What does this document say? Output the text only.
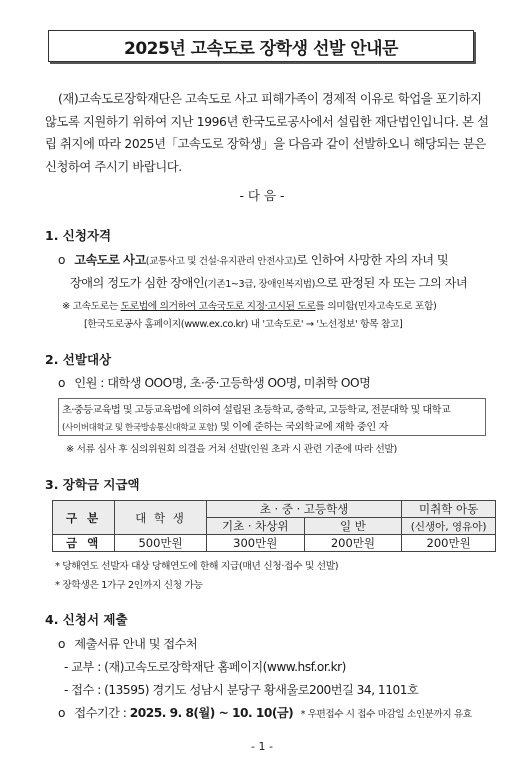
2025년 고속도로 장학생 선발 안내문
(재)고속도로장학재단은 고속도로 사고 피해가족이 경제적 이유로 학업을 포기하지 않도록 지원하기 위하여 지난 1996년 한국도로공사에서 설립한 재단법인입니다. 본 설립 취지에 따라 2025년「고속도로 장학생」을 다음과 같이 선발하오니 해당되는 분은 신청하여 주시기 바랍니다.
- 다 음 -
1. 신청자격
o 고속도로 사고(교통사고 및 건설·유지관리 안전사고)로 인하여 사망한 자의 자녀 및
장애의 정도가 심한 장애인(기존1~3급, 장애인복지법)으로 판정된 자 또는 그의 자녀
※ 고속도로는 도로법에 의거하여 고속국도로 지정·고시된 도로를 의미함(민자고속도로 포함)
[한국도로공사 홈페이지(www.ex.co.kr) 내 '고속도로' → '노선정보' 항목 참고]
2. 선발대상
o 인원 : 대학생 OOO명, 초·중·고등학생 OO명, 미취학 OO명
초·중등교육법 및 고등교육법에 의하여 설립된 초등학교, 중학교, 고등학교, 전문대학 및 대학교
(사이버대학교 및 한국방송통신대학교 포함) 및 이에 준하는 국외학교에 재학 중인 자
※ 서류 심사 후 심의위원회 의결을 거쳐 선발(인원 초과 시 관련 기준에 따라 선발)
3. 장학금 지급액
구 분	대 학 생	초 · 중 · 고등학생		미취학 아동
		기초 · 차상위	일 반	(신생아, 영유아)
금 액	500만원	300만원	200만원	200만원
* 당해연도 선발자 대상 당해연도에 한해 지급(매년 신청·접수 및 선발)
* 장학생은 1가구 2인까지 신청 가능
4. 신청서 제출
o 제출서류 안내 및 접수처
- 교부 : (재)고속도로장학재단 홈페이지(www.hsf.or.kr)
- 접수 : (13595) 경기도 성남시 분당구 황새울로200번길 34, 1101호
o 접수기간 : 2025. 9. 8(월) ~ 10. 10(금) * 우편접수 시 접수 마감일 소인분까지 유효
- 1 -
